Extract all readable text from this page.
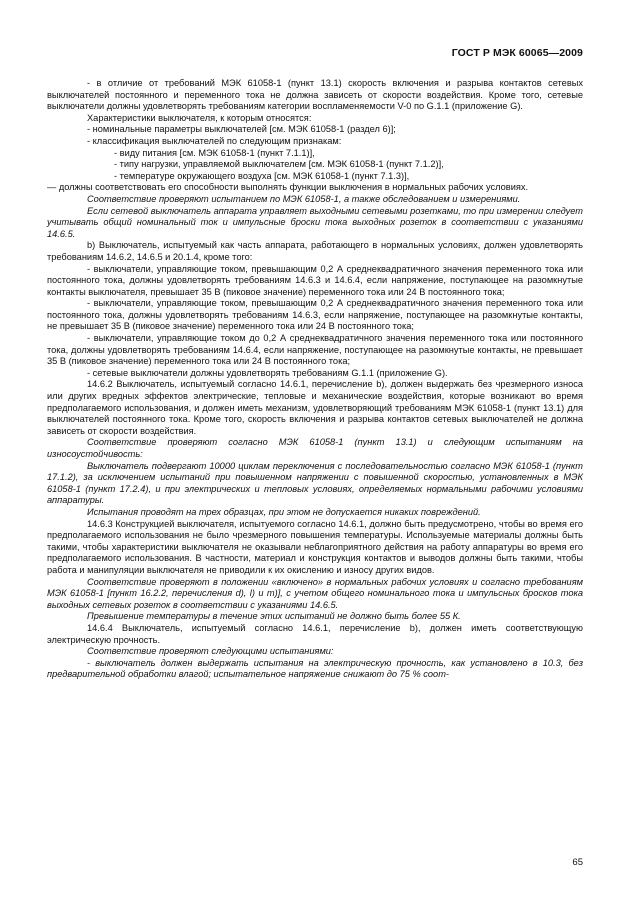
ГОСТ Р МЭК 60065—2009

- в отличие от требований МЭК 61058-1 (пункт 13.1) скорость включения и разрыва контактов сетевых выключателей постоянного и переменного тока не должна зависеть от скорости воздействия. Кроме того, сетевые выключатели должны удовлетворять требованиям категории воспламеняемости V-0 по G.1.1 (приложение G).

Характеристики выключателя, к которым относятся:

- номинальные параметры выключателей [см. МЭК 61058-1 (раздел 6)];

- классификация выключателей по следующим признакам:

- виду питания [см. МЭК 61058-1 (пункт 7.1.1)],

- типу нагрузки, управляемой выключателем [см. МЭК 61058-1 (пункт 7.1.2)],

- температуре окружающего воздуха [см. МЭК 61058-1 (пункт 7.1.3)],

— должны соответствовать его способности выполнять функции выключения в нормальных рабочих условиях.

Соответствие проверяют испытанием по МЭК 61058-1, а также обследованием и измерениями.

Если сетевой выключатель аппарата управляет выходными сетевыми розетками, то при измерении следует учитывать общий номинальный ток и импульсные броски тока выходных розеток в соответствии с указаниями 14.6.5.

b) Выключатель, испытуемый как часть аппарата, работающего в нормальных условиях, должен удовлетворять требованиям 14.6.2, 14.6.5 и 20.1.4, кроме того:

- выключатели, управляющие током, превышающим 0,2 А среднеквадратичного значения переменного тока или постоянного тока, должны удовлетворять требованиям 14.6.3 и 14.6.4, если напряжение, поступающее на разомкнутые контакты выключателя, превышает 35 В (пиковое значение) переменного тока или 24 В постоянного тока;

- выключатели, управляющие током, превышающим 0,2 А среднеквадратичного значения переменного тока или постоянного тока, должны удовлетворять требованиям 14.6.3, если напряжение, поступающее на разомкнутые контакты, не превышает 35 В (пиковое значение) переменного тока или 24 В постоянного тока;

- выключатели, управляющие током до 0,2 А среднеквадратичного значения переменного тока или постоянного тока, должны удовлетворять требованиям 14.6.4, если напряжение, поступающее на разомкнутые контакты, не превышает 35 В (пиковое значение) переменного тока или 24 В постоянного тока;

- сетевые выключатели должны удовлетворять требованиям G.1.1 (приложение G).

14.6.2 Выключатель, испытуемый согласно 14.6.1, перечисление b), должен выдержать без чрезмерного износа или других вредных эффектов электрические, тепловые и механические воздействия, которые возникают во время предполагаемого использования, и должен иметь механизм, удовлетворяющий требованиям МЭК 61058-1 (пункт 13.1) для выключателей постоянного тока. Кроме того, скорость включения и разрыва контактов сетевых выключателей не должна зависеть от скорости воздействия.

Соответствие проверяют согласно МЭК 61058-1 (пункт 13.1) и следующим испытаниям на износоустойчивость:

Выключатель подвергают 10000 циклам переключения с последовательностью согласно МЭК 61058-1 (пункт 17.1.2), за исключением испытаний при повышенном напряжении с повышенной скоростью, установленных в МЭК 61058-1 (пункт 17.2.4), и при электрических и тепловых условиях, определяемых нормальными рабочими условиями аппаратуры.

Испытания проводят на трех образцах, при этом не допускается никаких повреждений.

14.6.3 Конструкцией выключателя, испытуемого согласно 14.6.1, должно быть предусмотрено, чтобы во время его предполагаемого использования не было чрезмерного повышения температуры. Используемые материалы должны быть такими, чтобы характеристики выключателя не оказывали неблагоприятного действия на работу аппаратуры во время его предполагаемого использования. В частности, материал и конструкция контактов и выводов должны быть такими, чтобы работа и манипуляции выключателя не приводили к их окислению и износу других видов.

Соответствие проверяют в положении «включено» в нормальных рабочих условиях и согласно требованиям МЭК 61058-1 [пункт 16.2.2, перечисления d), l) и m)], с учетом общего номинального тока и импульсных бросков тока выходных сетевых розеток в соответствии с указаниями 14.6.5.

Превышение температуры в течение этих испытаний не должно быть более 55 К.

14.6.4 Выключатель, испытуемый согласно 14.6.1, перечисление b), должен иметь соответствующую электрическую прочность.

Соответствие проверяют следующими испытаниями:

- выключатель должен выдержать испытания на электрическую прочность, как установлено в 10.3, без предварительной обработки влагой; испытательное напряжение снижают до 75 % соот-

65
